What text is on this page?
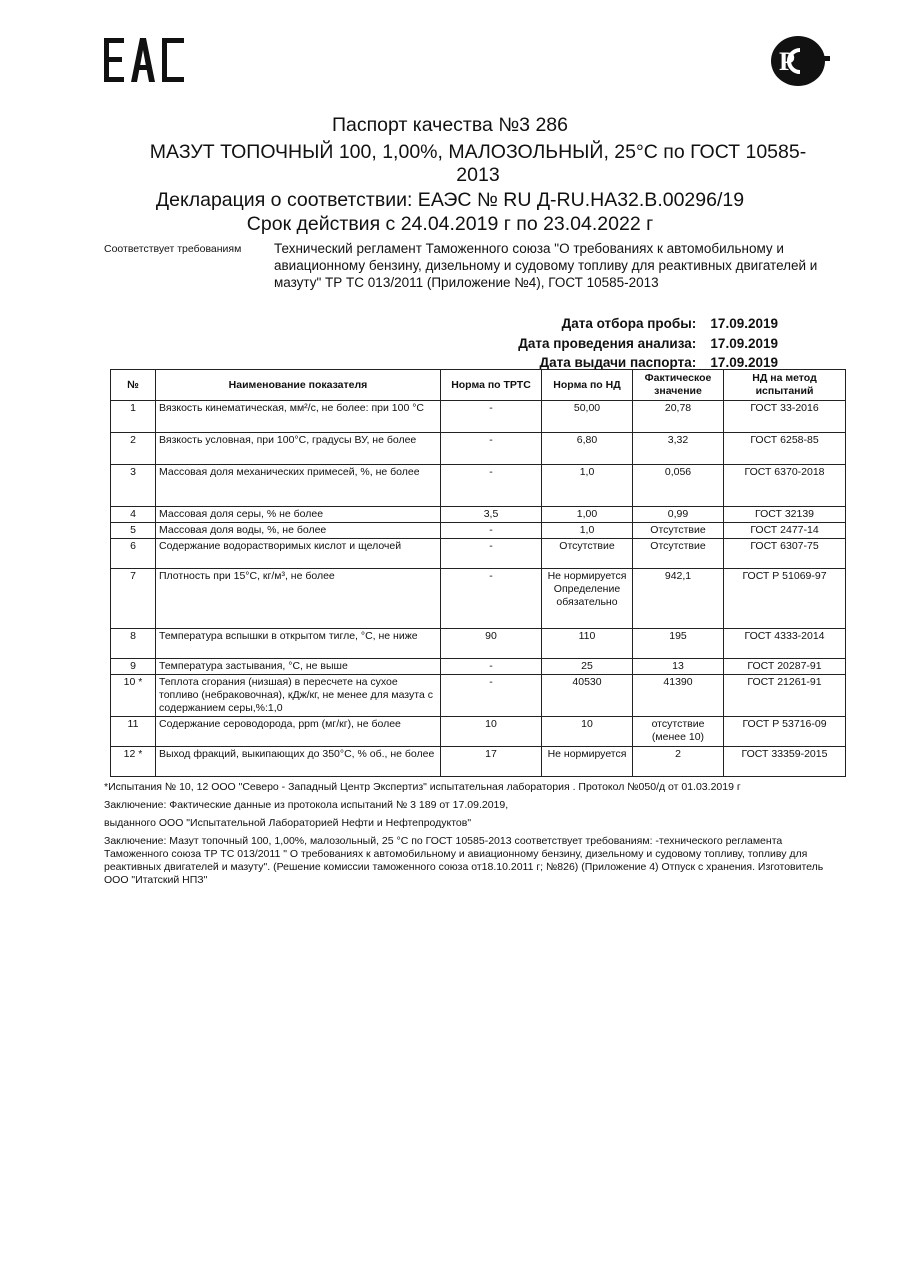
P
Паспорт качества №3 286
МАЗУТ ТОПОЧНЫЙ 100, 1,00%, МАЛОЗОЛЬНЫЙ, 25°С по ГОСТ 10585-2013
Декларация о соответствии: ЕАЭС № RU Д-RU.НА32.В.00296/19
Срок действия с 24.04.2019 г по 23.04.2022 г
Соответствует требованиям Технический регламент Таможенного союза "О требованиях к автомобильному и авиационному бензину, дизельному и судовому топливу для реактивных двигателей и мазуту" ТР ТС 013/2011 (Приложение №4), ГОСТ 10585-2013
Дата отбора пробы: 17.09.2019
Дата проведения анализа: 17.09.2019
Дата выдачи паспорта: 17.09.2019
№	Наименование показателя	Норма по ТРТС	Норма по НД	Фактическое значение	НД на метод испытаний
1	Вязкость кинематическая, мм²/с, не более: при 100 °С	-	50,00	20,78	ГОСТ 33-2016
2	Вязкость условная, при 100°С, градусы ВУ, не более	-	6,80	3,32	ГОСТ 6258-85
3	Массовая доля механических примесей, %, не более	-	1,0	0,056	ГОСТ 6370-2018
4	Массовая доля серы, % не более	3,5	1,00	0,99	ГОСТ 32139
5	Массовая доля воды, %, не более	-	1,0	Отсутствие	ГОСТ 2477-14
6	Содержание водорастворимых кислот и щелочей	-	Отсутствие	Отсутствие	ГОСТ 6307-75
7	Плотность при 15°С, кг/м³, не более	-	Не нормируется Определение обязательно	942,1	ГОСТ Р 51069-97
8	Температура вспышки в открытом тигле, °С, не ниже	90	110	195	ГОСТ 4333-2014
9	Температура застывания, °С, не выше	-	25	13	ГОСТ 20287-91
10 *	Теплота сгорания (низшая) в пересчете на сухое топливо (небраковочная), кДж/кг, не менее для мазута с содержанием серы,%:1,0	-	40530	41390	ГОСТ 21261-91
11	Содержание сероводорода, ppm (мг/кг), не более	10	10	отсутствие (менее 10)	ГОСТ Р 53716-09
12 *	Выход фракций, выкипающих до 350°С, % об., не более	17	Не нормируется	2	ГОСТ 33359-2015
*Испытания № 10, 12 ООО "Северо - Западный Центр Экспертиз" испытательная лаборатория . Протокол №050/д от 01.03.2019 г
Заключение: Фактические данные из протокола испытаний № 3 189 от 17.09.2019,
выданного ООО "Испытательной Лабораторией Нефти и Нефтепродуктов"
Заключение: Мазут топочный 100, 1,00%, малозольный, 25 °С по ГОСТ 10585-2013 соответствует требованиям: -технического регламента Таможенного союза ТР ТС 013/2011 " О требованиях к автомобильному и авиационному бензину, дизельному и судовому топливу, топливу для реактивных двигателей и мазуту". (Решение комиссии таможенного союза от18.10.2011 г; №826) (Приложение 4) Отпуск с хранения. Изготовитель ООО "Итатский НПЗ"
